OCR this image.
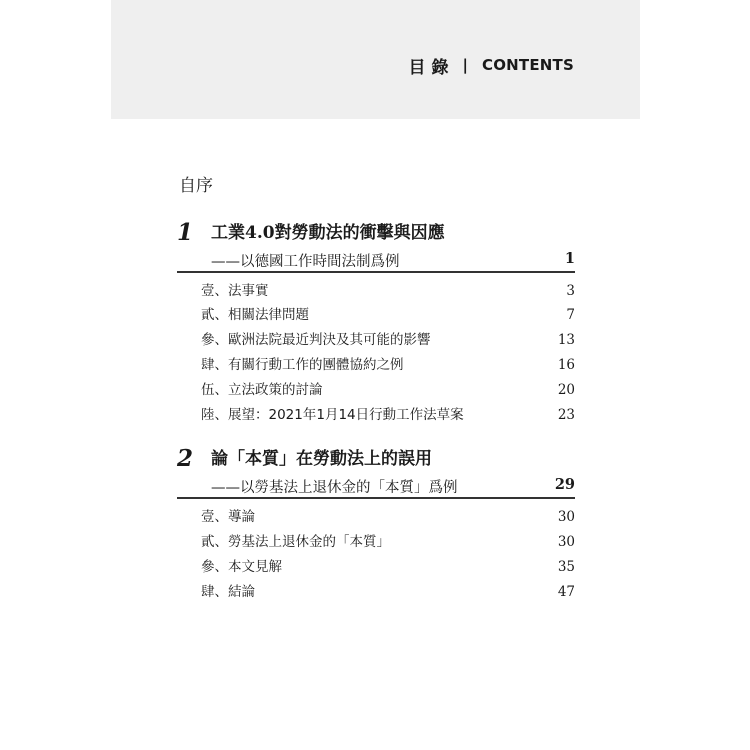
目錄 | CONTENTS
自序
1 工業4.0對勞動法的衝擊與因應
——以德國工作時間法制爲例	1
壹、法事實	3
貳、相關法律問題	7
參、歐洲法院最近判決及其可能的影響	13
肆、有關行動工作的團體協約之例	16
伍、立法政策的討論	20
陸、展望：2021年1月14日行動工作法草案	23
2 論「本質」在勞動法上的誤用
——以勞基法上退休金的「本質」爲例	29
壹、導論	30
貳、勞基法上退休金的「本質」	30
參、本文見解	35
肆、結論	47
